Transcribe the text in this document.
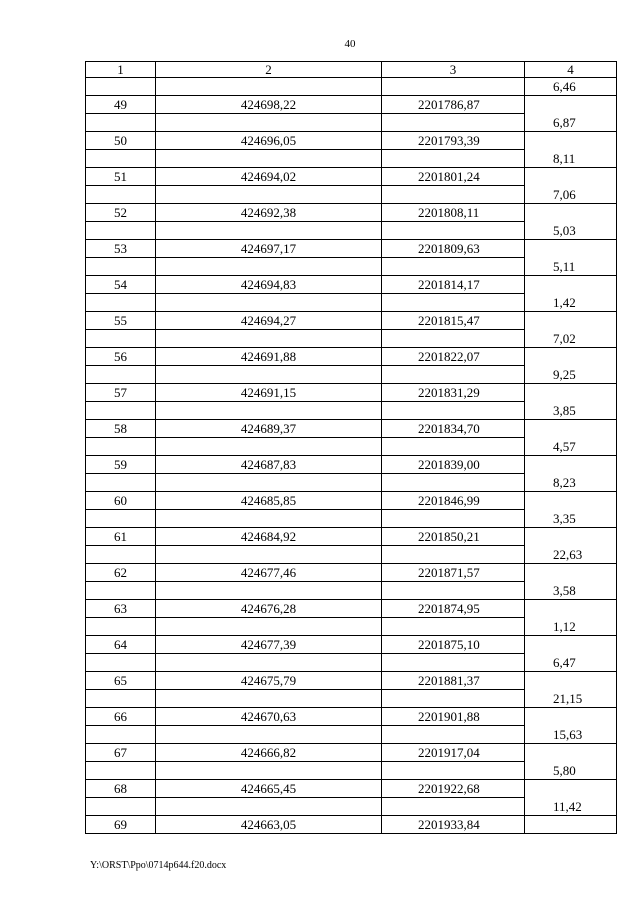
40
1	2	3	4
			6,46
49	424698,22	2201786,87	
			6,87
50	424696,05	2201793,39	
			8,11
51	424694,02	2201801,24	
			7,06
52	424692,38	2201808,11	
			5,03
53	424697,17	2201809,63	
			5,11
54	424694,83	2201814,17	
			1,42
55	424694,27	2201815,47	
			7,02
56	424691,88	2201822,07	
			9,25
57	424691,15	2201831,29	
			3,85
58	424689,37	2201834,70	
			4,57
59	424687,83	2201839,00	
			8,23
60	424685,85	2201846,99	
			3,35
61	424684,92	2201850,21	
			22,63
62	424677,46	2201871,57	
			3,58
63	424676,28	2201874,95	
			1,12
64	424677,39	2201875,10	
			6,47
65	424675,79	2201881,37	
			21,15
66	424670,63	2201901,88	
			15,63
67	424666,82	2201917,04	
			5,80
68	424665,45	2201922,68	
			11,42
69	424663,05	2201933,84	
Y:\ORST\Ppo\0714p644.f20.docx
